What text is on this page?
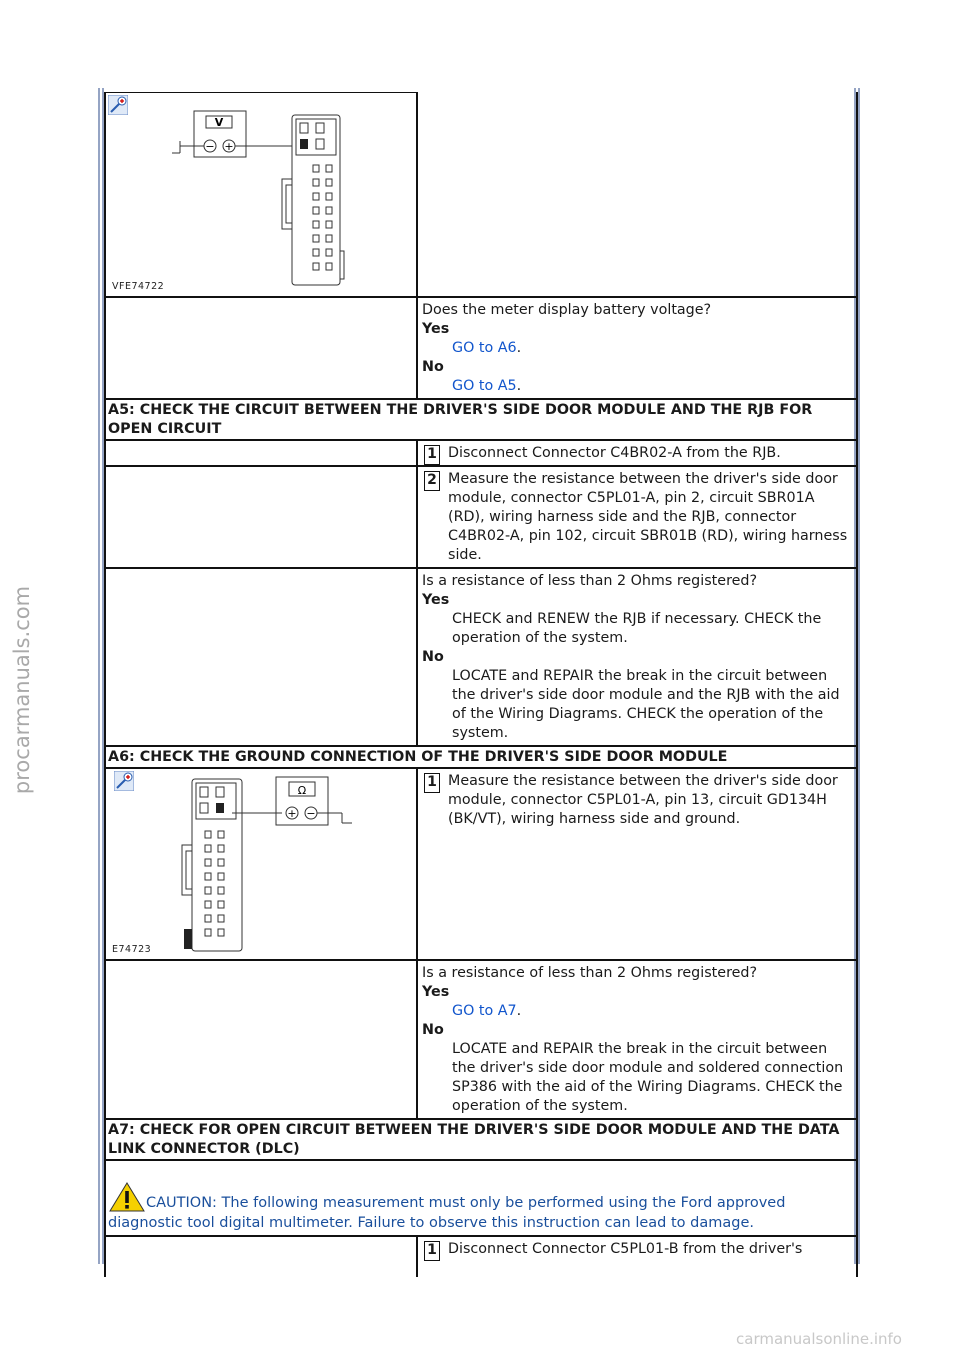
procarmanuals.com
carmanualsonline.info
V
− +
VFE74722
Does the meter display battery voltage?
Yes
GO to A6.
No
GO to A5.
A5: CHECK THE CIRCUIT BETWEEN THE DRIVER'S SIDE DOOR MODULE AND THE RJB FOR OPEN CIRCUIT
1 Disconnect Connector C4BR02-A from the RJB.
2 Measure the resistance between the driver's side door module, connector C5PL01-A, pin 2, circuit SBR01A (RD), wiring harness side and the RJB, connector C4BR02-A, pin 102, circuit SBR01B (RD), wiring harness side.
Is a resistance of less than 2 Ohms registered?
Yes
CHECK and RENEW the RJB if necessary. CHECK the operation of the system.
No
LOCATE and REPAIR the break in the circuit between the driver's side door module and the RJB with the aid of the Wiring Diagrams. CHECK the operation of the system.
A6: CHECK THE GROUND CONNECTION OF THE DRIVER'S SIDE DOOR MODULE
Ω
+ −
E74723
1 Measure the resistance between the driver's side door module, connector C5PL01-A, pin 13, circuit GD134H (BK/VT), wiring harness side and ground.
Is a resistance of less than 2 Ohms registered?
Yes
GO to A7.
No
LOCATE and REPAIR the break in the circuit between the driver's side door module and soldered connection SP386 with the aid of the Wiring Diagrams. CHECK the operation of the system.
A7: CHECK FOR OPEN CIRCUIT BETWEEN THE DRIVER'S SIDE DOOR MODULE AND THE DATA LINK CONNECTOR (DLC)
CAUTION: The following measurement must only be performed using the Ford approved diagnostic tool digital multimeter. Failure to observe this instruction can lead to damage.
1 Disconnect Connector C5PL01-B from the driver's
